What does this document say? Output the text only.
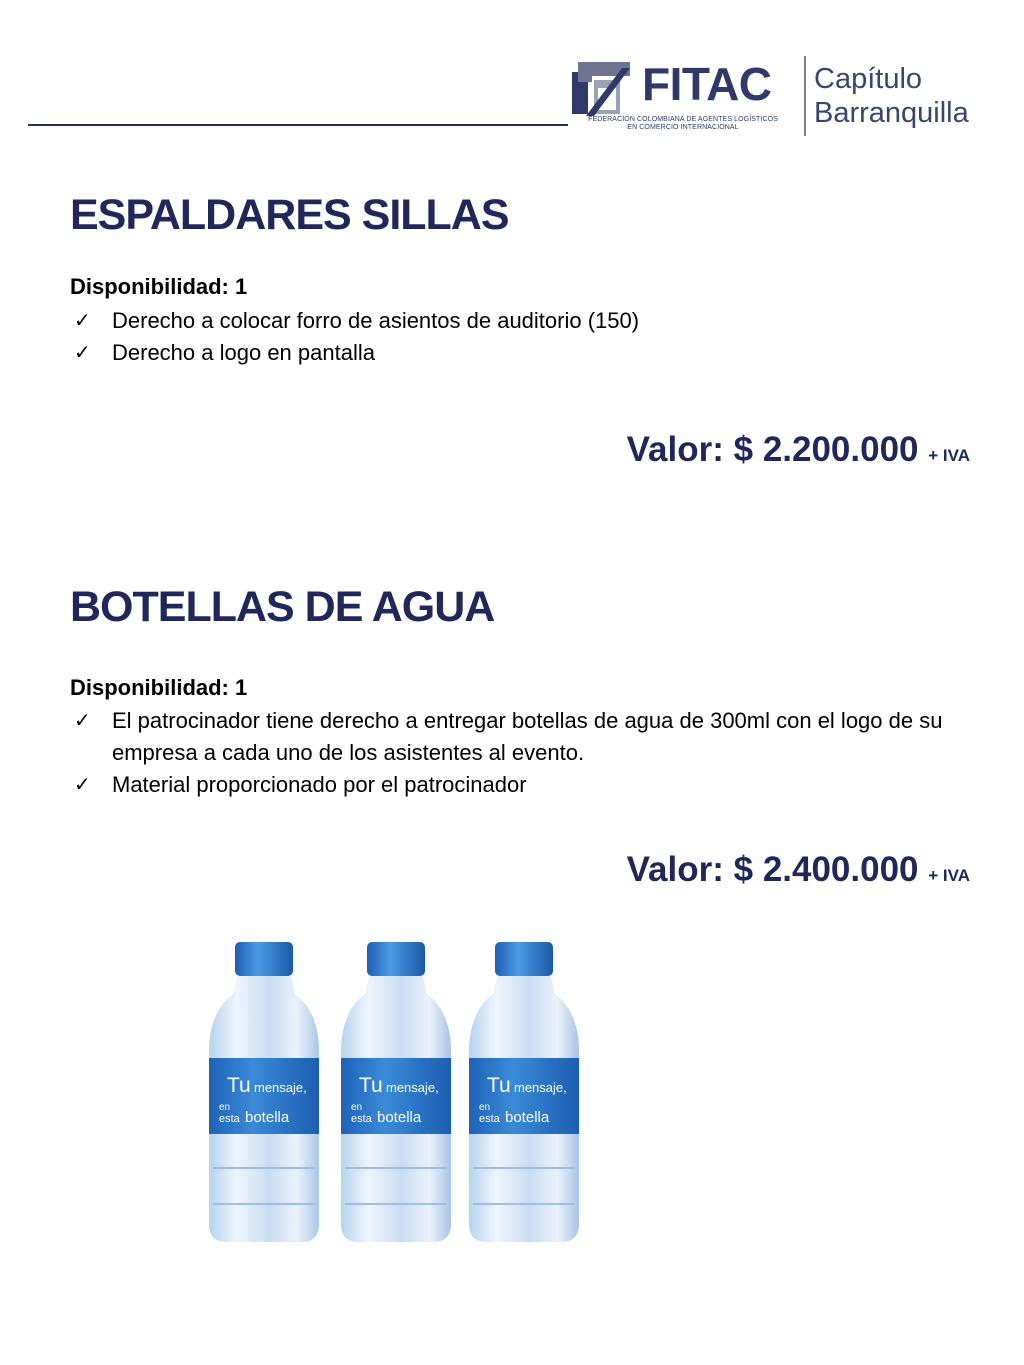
FITAC
FEDERACIÓN COLOMBIANA DE AGENTES LOGÍSTICOS
EN COMERCIO INTERNACIONAL
Capítulo
Barranquilla
ESPALDARES SILLAS

Disponibilidad: 1

✓ Derecho a colocar forro de asientos de auditorio (150)
✓ Derecho a logo en pantalla
Valor: $ 2.200.000 + IVA
BOTELLAS DE AGUA

Disponibilidad: 1

✓ El patrocinador tiene derecho a entregar botellas de agua de 300ml con el logo de su empresa a cada uno de los asistentes al evento.
✓ Material proporcionado por el patrocinador
Valor: $ 2.400.000 + IVA
Tu mensaje,
en
esta botella
Tu mensaje,
en
esta botella
Tu mensaje,
en
esta botella
